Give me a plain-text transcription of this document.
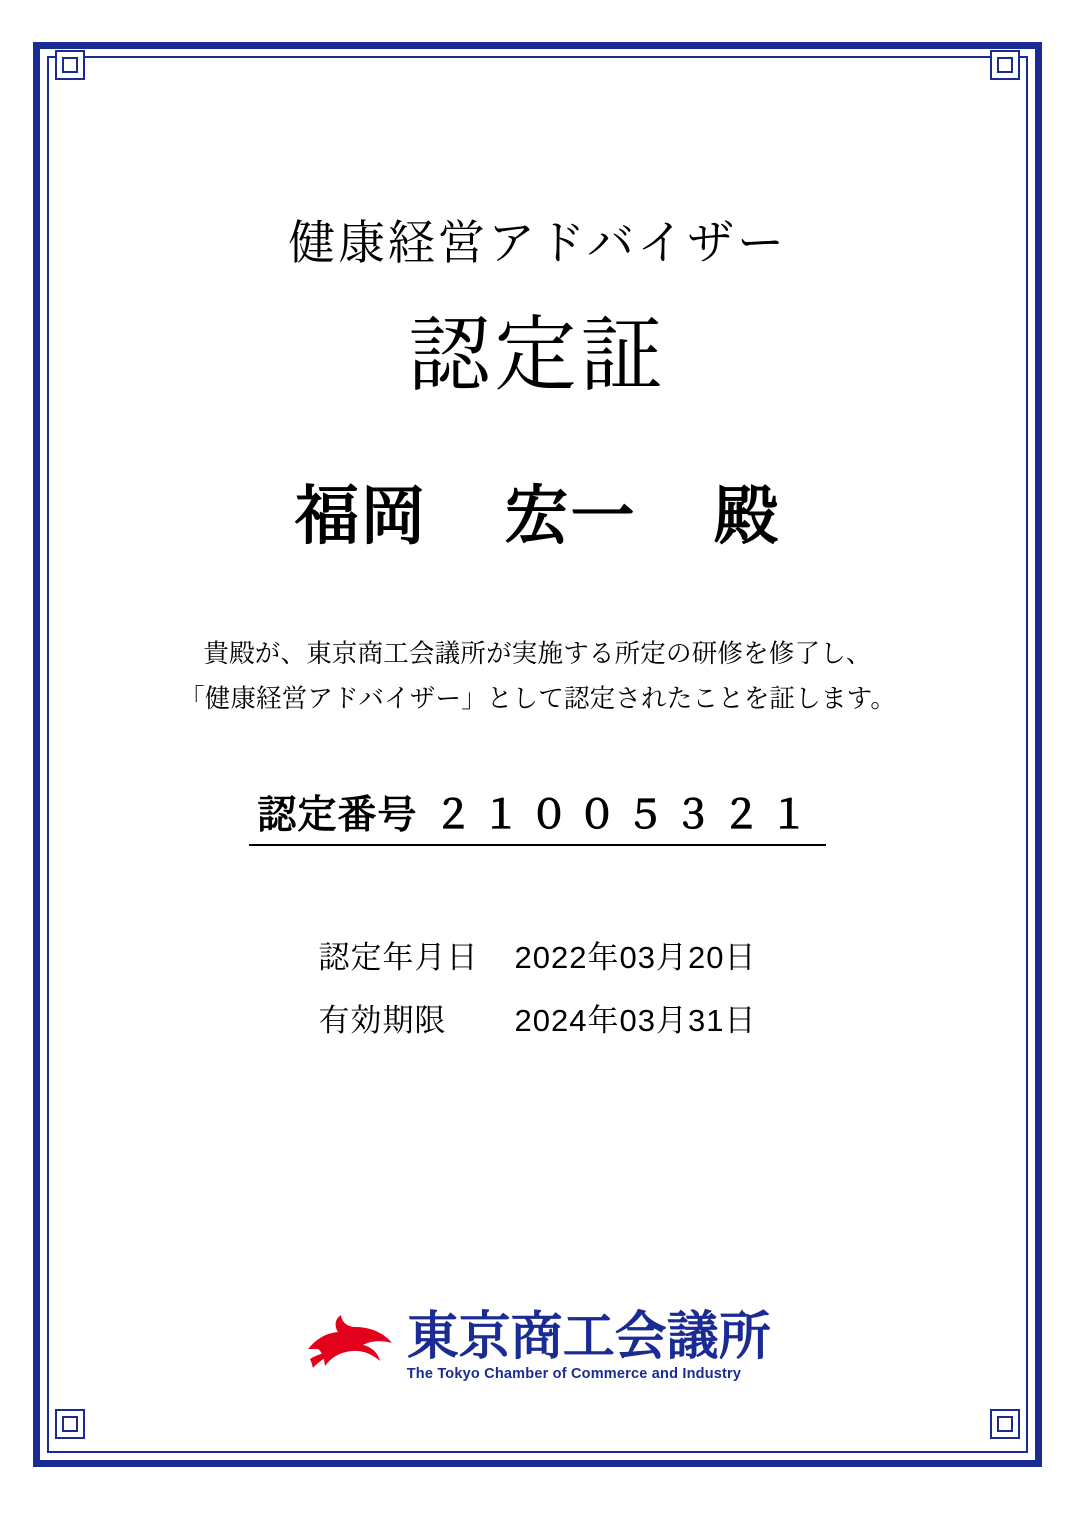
健康経営アドバイザー
認定証
福岡 宏一 殿
貴殿が、東京商工会議所が実施する所定の研修を修了し、
「健康経営アドバイザー」として認定されたことを証します。
認定番号 ２１００５３２１
認定年月日 2022年03月20日
有効期限 2024年03月31日
東京商工会議所
The Tokyo Chamber of Commerce and Industry
